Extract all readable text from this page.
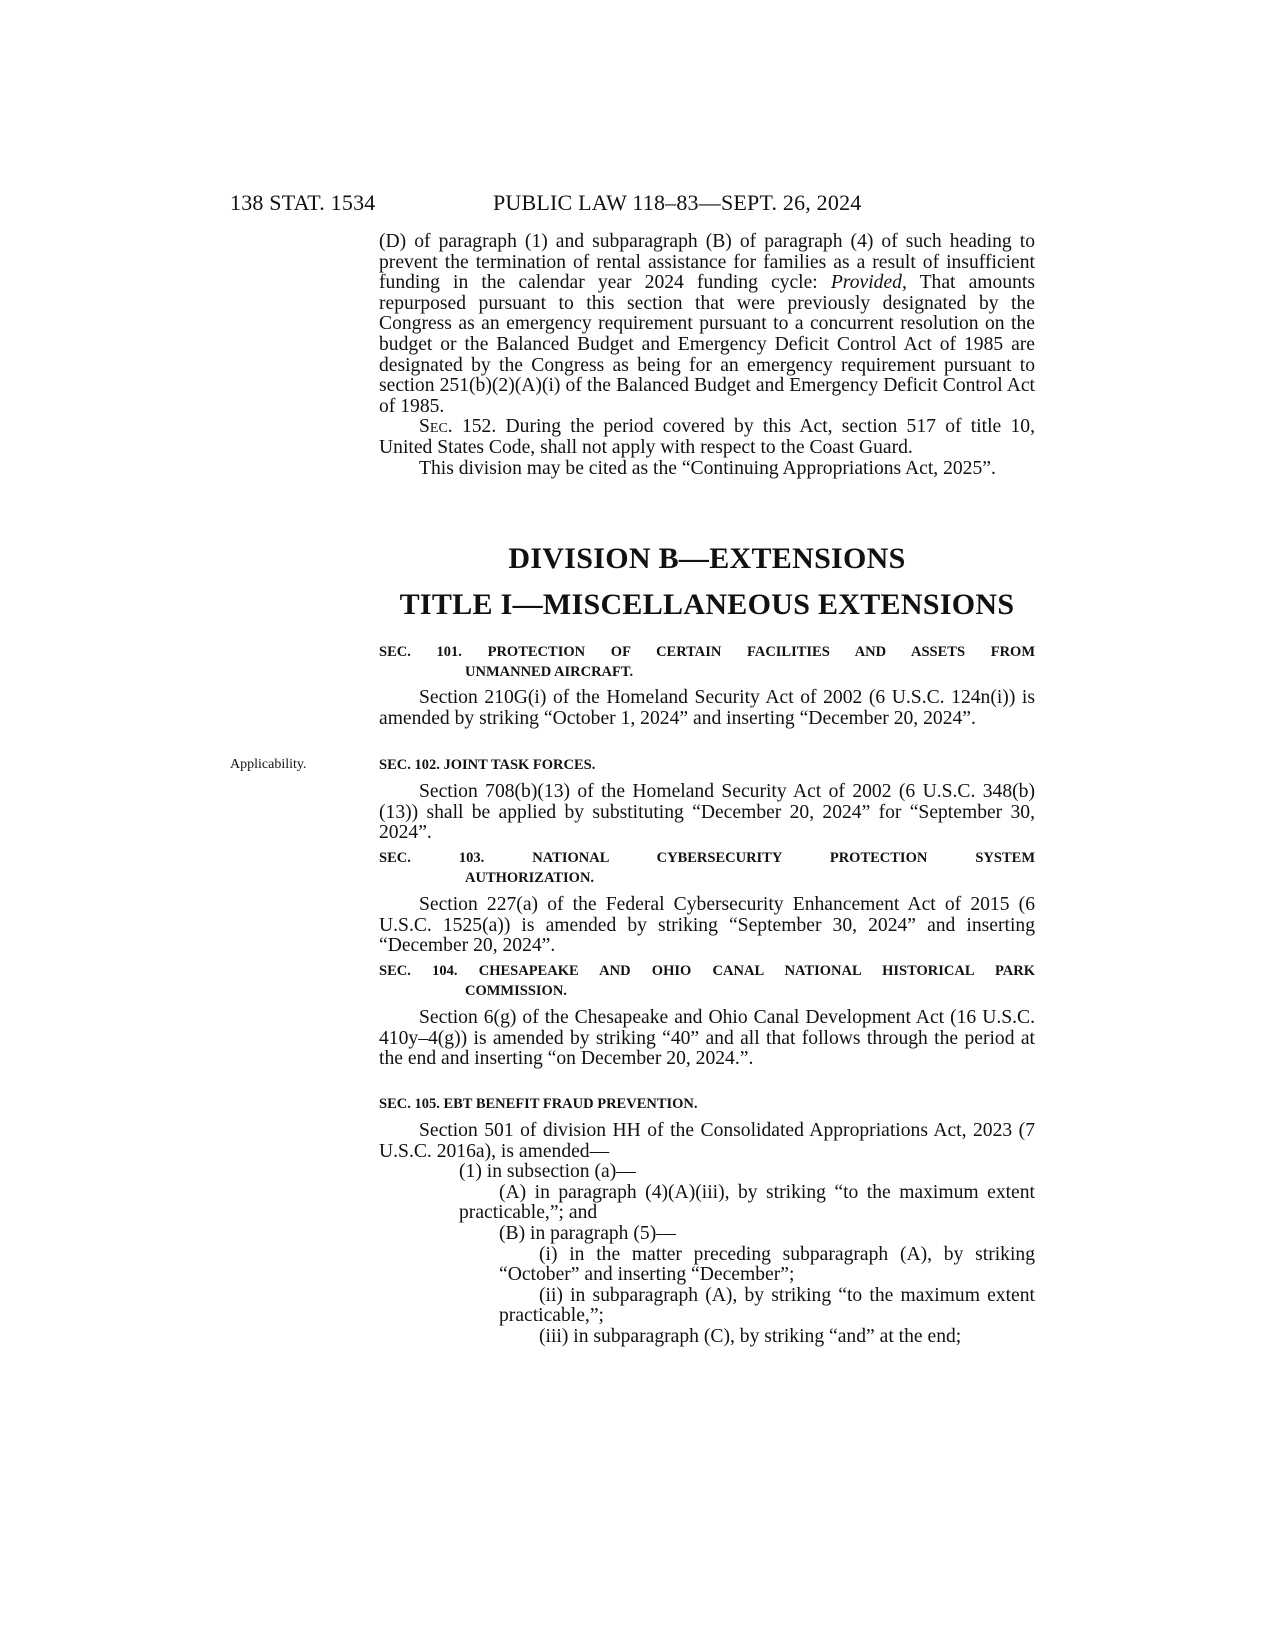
138 STAT. 1534	PUBLIC LAW 118–83—SEPT. 26, 2024

(D) of paragraph (1) and subparagraph (B) of paragraph (4) of such heading to prevent the termination of rental assistance for families as a result of insufficient funding in the calendar year 2024 funding cycle: Provided, That amounts repurposed pursuant to this section that were previously designated by the Congress as an emergency requirement pursuant to a concurrent resolution on the budget or the Balanced Budget and Emergency Deficit Control Act of 1985 are designated by the Congress as being for an emergency requirement pursuant to section 251(b)(2)(A)(i) of the Balanced Budget and Emergency Deficit Control Act of 1985.

Sec. 152. During the period covered by this Act, section 517 of title 10, United States Code, shall not apply with respect to the Coast Guard.

This division may be cited as the “Continuing Appropriations Act, 2025”.

DIVISION B—EXTENSIONS
TITLE I—MISCELLANEOUS EXTENSIONS
SEC. 101. PROTECTION OF CERTAIN FACILITIES AND ASSETS FROM
UNMANNED AIRCRAFT.

Section 210G(i) of the Homeland Security Act of 2002 (6 U.S.C. 124n(i)) is amended by striking “October 1, 2024” and inserting “December 20, 2024”.

Applicability.	SEC. 102. JOINT TASK FORCES.

Section 708(b)(13) of the Homeland Security Act of 2002 (6 U.S.C. 348(b)(13)) shall be applied by substituting “December 20, 2024” for “September 30, 2024”.

SEC. 103. NATIONAL CYBERSECURITY PROTECTION SYSTEM
AUTHORIZATION.

Section 227(a) of the Federal Cybersecurity Enhancement Act of 2015 (6 U.S.C. 1525(a)) is amended by striking “September 30, 2024” and inserting “December 20, 2024”.

SEC. 104. CHESAPEAKE AND OHIO CANAL NATIONAL HISTORICAL PARK
COMMISSION.

Section 6(g) of the Chesapeake and Ohio Canal Development Act (16 U.S.C. 410y–4(g)) is amended by striking “40” and all that follows through the period at the end and inserting “on December 20, 2024.”.

SEC. 105. EBT BENEFIT FRAUD PREVENTION.

Section 501 of division HH of the Consolidated Appropriations Act, 2023 (7 U.S.C. 2016a), is amended—

(1) in subsection (a)—

(A) in paragraph (4)(A)(iii), by striking “to the maximum extent practicable,”; and

(B) in paragraph (5)—

(i) in the matter preceding subparagraph (A), by striking “October” and inserting “December”;

(ii) in subparagraph (A), by striking “to the maximum extent practicable,”;

(iii) in subparagraph (C), by striking “and” at the end;
